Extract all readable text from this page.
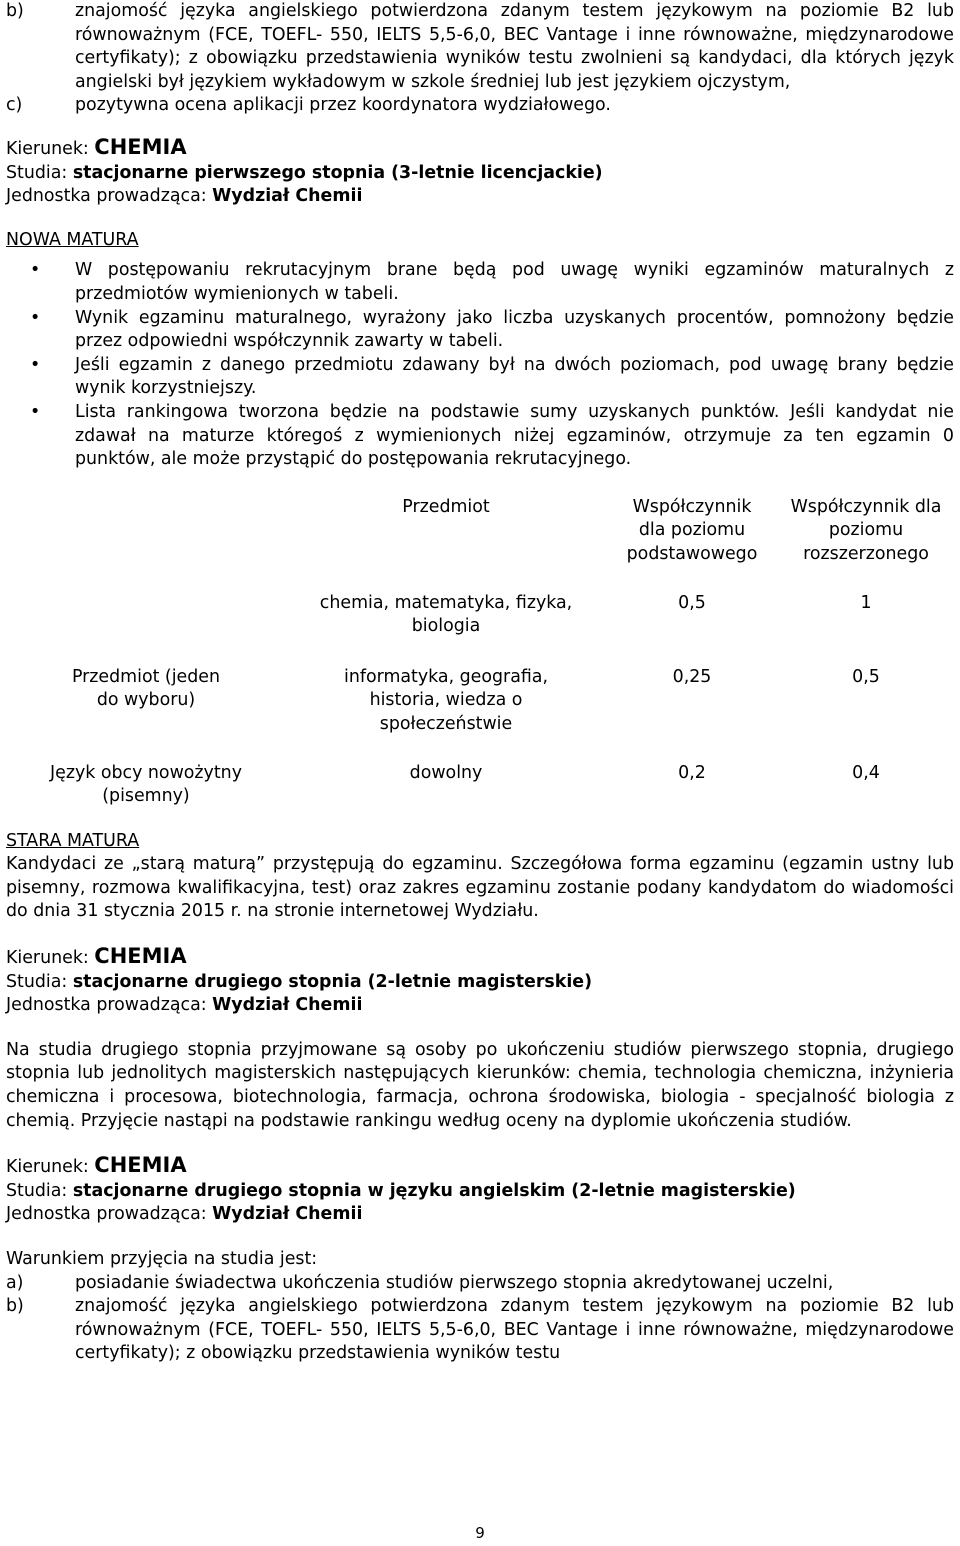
b)	znajomość języka angielskiego potwierdzona zdanym testem językowym na poziomie B2 lub równoważnym (FCE, TOEFL- 550, IELTS 5,5-6,0, BEC Vantage i inne równoważne, międzynarodowe certyfikaty); z obowiązku przedstawienia wyników testu zwolnieni są kandydaci, dla których język angielski był językiem wykładowym w szkole średniej lub jest językiem ojczystym,
c)	pozytywna ocena aplikacji przez koordynatora wydziałowego.
Kierunek: CHEMIA
Studia: stacjonarne pierwszego stopnia (3-letnie licencjackie)
Jednostka prowadząca: Wydział Chemii
NOWA MATURA
•	W postępowaniu rekrutacyjnym brane będą pod uwagę wyniki egzaminów maturalnych z przedmiotów wymienionych w tabeli.
•	Wynik egzaminu maturalnego, wyrażony jako liczba uzyskanych procentów, pomnożony będzie przez odpowiedni współczynnik zawarty w tabeli.
•	Jeśli egzamin z danego przedmiotu zdawany był na dwóch poziomach, pod uwagę brany będzie wynik korzystniejszy.
•	Lista rankingowa tworzona będzie na podstawie sumy uzyskanych punktów. Jeśli kandydat nie zdawał na maturze któregoś z wymienionych niżej egzaminów, otrzymuje za ten egzamin 0 punktów, ale może przystąpić do postępowania rekrutacyjnego.
	Przedmiot	Współczynnik dla poziomu podstawowego	Współczynnik dla poziomu rozszerzonego
	chemia, matematyka, fizyka, biologia	0,5	1
Przedmiot (jeden do wyboru)	informatyka, geografia, historia, wiedza o społeczeństwie	0,25	0,5
Język obcy nowożytny (pisemny)	dowolny	0,2	0,4
STARA MATURA

Kandydaci ze „starą maturą” przystępują do egzaminu. Szczegółowa forma egzaminu (egzamin ustny lub pisemny, rozmowa kwalifikacyjna, test) oraz zakres egzaminu zostanie podany kandydatom do wiadomości do dnia 31 stycznia 2015 r. na stronie internetowej Wydziału.

Kierunek: CHEMIA
Studia: stacjonarne drugiego stopnia (2-letnie magisterskie)
Jednostka prowadząca: Wydział Chemii

Na studia drugiego stopnia przyjmowane są osoby po ukończeniu studiów pierwszego stopnia, drugiego stopnia lub jednolitych magisterskich następujących kierunków: chemia, technologia chemiczna, inżynieria chemiczna i procesowa, biotechnologia, farmacja, ochrona środowiska, biologia - specjalność biologia z chemią. Przyjęcie nastąpi na podstawie rankingu według oceny na dyplomie ukończenia studiów.

Kierunek: CHEMIA
Studia: stacjonarne drugiego stopnia w języku angielskim (2-letnie magisterskie)
Jednostka prowadząca: Wydział Chemii
Warunkiem przyjęcia na studia jest:
a)	posiadanie świadectwa ukończenia studiów pierwszego stopnia akredytowanej uczelni,
b)	znajomość języka angielskiego potwierdzona zdanym testem językowym na poziomie B2 lub równoważnym (FCE, TOEFL- 550, IELTS 5,5-6,0, BEC Vantage i inne równoważne, międzynarodowe certyfikaty); z obowiązku przedstawienia wyników testu
9
